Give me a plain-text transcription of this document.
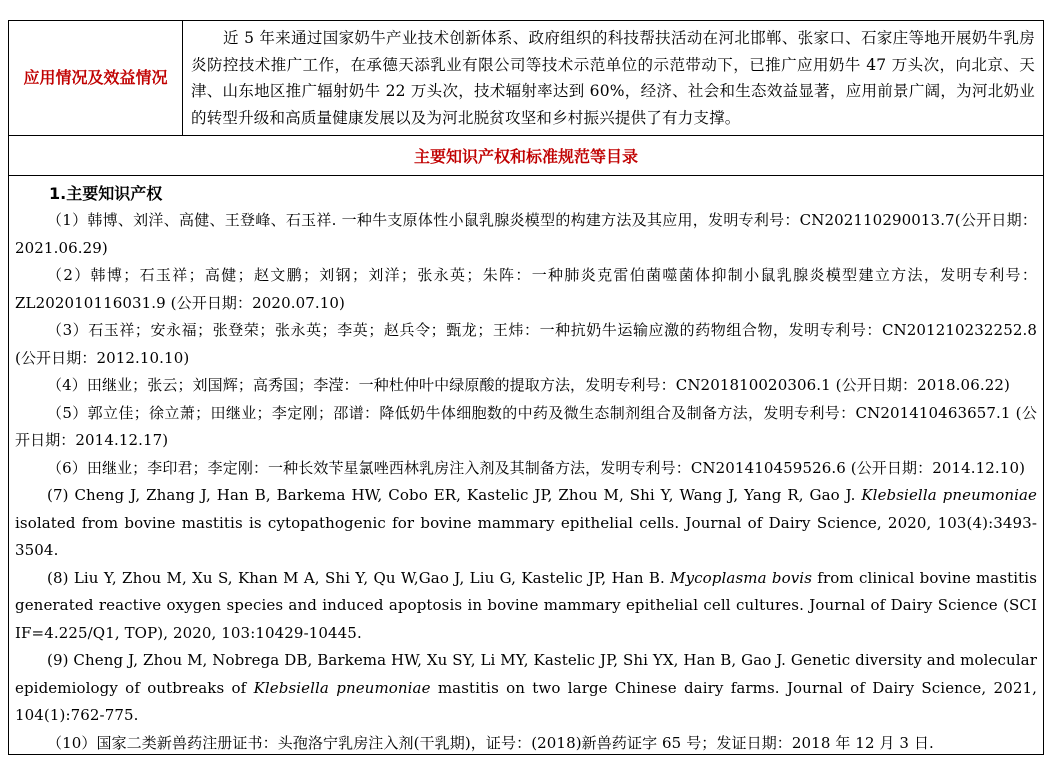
应用情况及效益情况

近 5 年来通过国家奶牛产业技术创新体系、政府组织的科技帮扶活动在河北邯郸、张家口、石家庄等地开展奶牛乳房炎防控技术推广工作，在承德天添乳业有限公司等技术示范单位的示范带动下，已推广应用奶牛 47 万头次，向北京、天津、山东地区推广辐射奶牛 22 万头次，技术辐射率达到 60%，经济、社会和生态效益显著，应用前景广阔，为河北奶业的转型升级和高质量健康发展以及为河北脱贫攻坚和乡村振兴提供了有力支撑。

主要知识产权和标准规范等目录

1.主要知识产权

（1）韩博、刘洋、高健、王登峰、石玉祥. 一种牛支原体性小鼠乳腺炎模型的构建方法及其应用，发明专利号：CN202110290013.7(公开日期：2021.06.29)

（2）韩博；石玉祥；高健；赵文鹏；刘钢；刘洋；张永英；朱阵：一种肺炎克雷伯菌噬菌体抑制小鼠乳腺炎模型建立方法，发明专利号：ZL202010116031.9 (公开日期：2020.07.10)

（3）石玉祥；安永福；张登荣；张永英；李英；赵兵令；甄龙；王炜：一种抗奶牛运输应激的药物组合物，发明专利号：CN201210232252.8 (公开日期：2012.10.10)

（4）田继业；张云；刘国辉；高秀国；李滢：一种杜仲叶中绿原酸的提取方法，发明专利号：CN201810020306.1 (公开日期：2018.06.22)

（5）郭立佳；徐立萧；田继业；李定刚；邵谱：降低奶牛体细胞数的中药及微生态制剂组合及制备方法，发明专利号：CN201410463657.1 (公开日期：2014.12.17)

（6）田继业；李印君；李定刚：一种长效苄星氯唑西林乳房注入剂及其制备方法，发明专利号：CN201410459526.6 (公开日期：2014.12.10)

(7) Cheng J, Zhang J, Han B, Barkema HW, Cobo ER, Kastelic JP, Zhou M, Shi Y, Wang J, Yang R, Gao J. Klebsiella pneumoniae isolated from bovine mastitis is cytopathogenic for bovine mammary epithelial cells. Journal of Dairy Science, 2020, 103(4):3493-3504.

(8) Liu Y, Zhou M, Xu S, Khan M A, Shi Y, Qu W,Gao J, Liu G, Kastelic JP, Han B. Mycoplasma bovis from clinical bovine mastitis generated reactive oxygen species and induced apoptosis in bovine mammary epithelial cell cultures. Journal of Dairy Science (SCI IF=4.225/Q1, TOP), 2020, 103:10429-10445.

(9) Cheng J, Zhou M, Nobrega DB, Barkema HW, Xu SY, Li MY, Kastelic JP, Shi YX, Han B, Gao J. Genetic diversity and molecular epidemiology of outbreaks of Klebsiella pneumoniae mastitis on two large Chinese dairy farms. Journal of Dairy Science, 2021, 104(1):762-775.

（10）国家二类新兽药注册证书：头孢洛宁乳房注入剂(干乳期)，证号：(2018)新兽药证字 65 号；发证日期：2018 年 12 月 3 日.
